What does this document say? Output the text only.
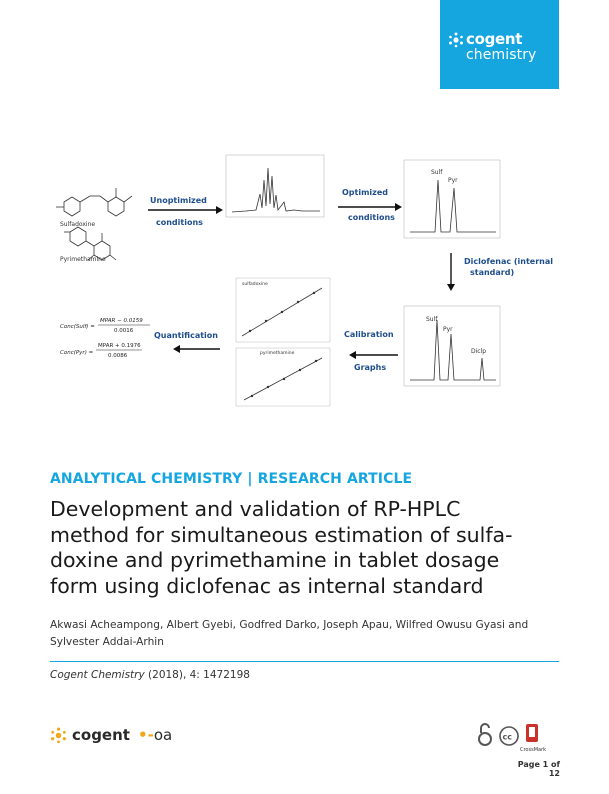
cogent
chemistry
Sulfadoxine
Pyrimethamine
Unoptimized
conditions
Optimized
conditions
Sulf
Pyr
Diclofenac (internal
standard)
Sulf
Pyr
Diclp
Calibration
Graphs
sulfadoxine
pyrimethamine
Quantification
Conc(Sulf) =
MPAR − 0.0159
0.0016
Conc(Pyr) =
MPAR + 0.1976
0.0086
ANALYTICAL CHEMISTRY | RESEARCH ARTICLE
Development and validation of RP-HPLC
method for simultaneous estimation of sulfa-
doxine and pyrimethamine in tablet dosage
form using diclofenac as internal standard
Akwasi Acheampong, Albert Gyebi, Godfred Darko, Joseph Apau, Wilfred Owusu Gyasi and
Sylvester Addai-Arhin
Cogent Chemistry (2018), 4: 1472198
cogent •-oa	cc
CrossMark
Page 1 of 12
